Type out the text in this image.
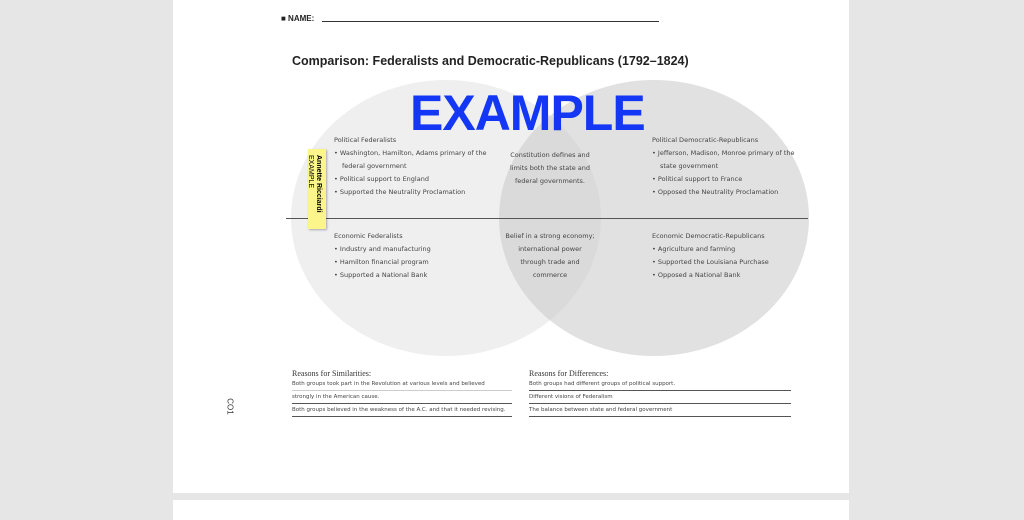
■ NAME:
Comparison: Federalists and Democratic-Republicans (1792–1824)
Political Federalists
• Washington, Hamilton, Adams primary of the federal government
• Political support to England
• Supported the Neutrality Proclamation
Economic Federalists
• Industry and manufacturing
• Hamilton financial program
• Supported a National Bank
Constitution defines and limits both the state and federal governments.
Belief in a strong economy; international power through trade and commerce
Political Democratic-Republicans
• Jefferson, Madison, Monroe primary of the state government
• Political support to France
• Opposed the Neutrality Proclamation
Economic Democratic-Republicans
• Agriculture and farming
• Supported the Louisiana Purchase
• Opposed a National Bank
EXAMPLE
Annette Ricciardi
EXAMPLE
Reasons for Similarities:
Both groups took part in the Revolution at various levels and believed
strongly in the American cause.
Both groups believed in the weakness of the A.C. and that it needed revising.
Reasons for Differences:
Both groups had different groups of political support.
Different visions of Federalism
The balance between state and federal government
CO1
